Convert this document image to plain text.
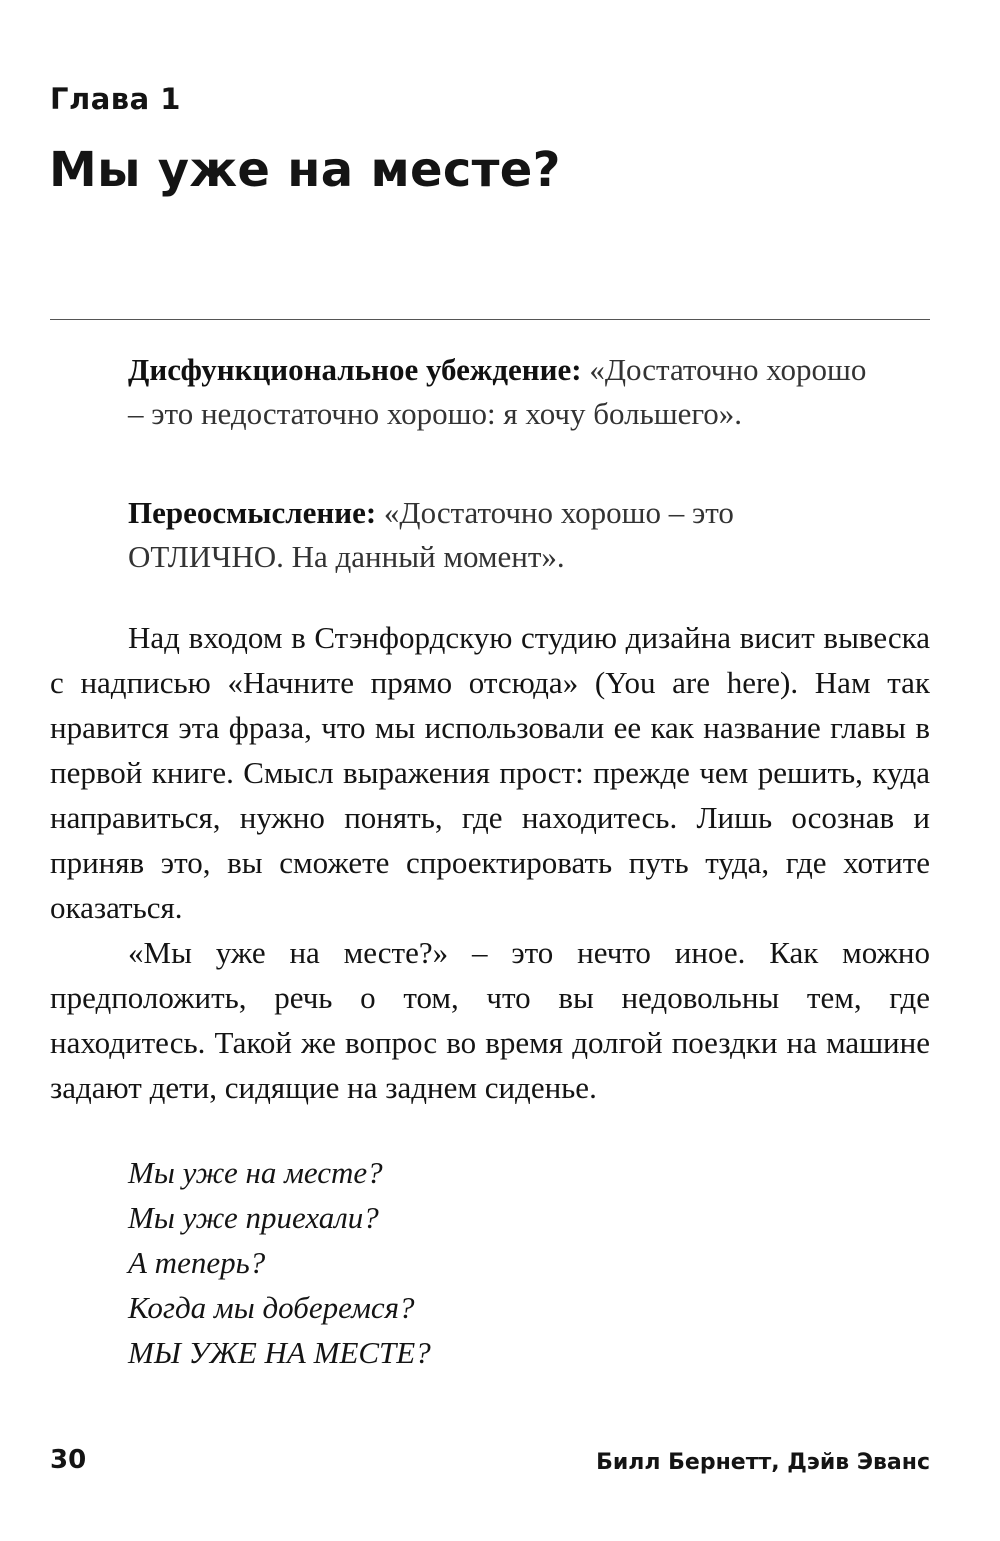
Глава 1
Мы уже на месте?
Дисфункциональное убеждение: «Достаточно хорошо – это недостаточно хорошо: я хочу большего».
Переосмысление: «Достаточно хорошо – это ОТЛИЧНО. На данный момент».

Над входом в Стэнфордскую студию дизайна висит вывеска с надписью «Начните прямо отсюда» (You are here). Нам так нравится эта фраза, что мы использовали ее как название главы в первой книге. Смысл выражения прост: прежде чем решить, куда направиться, нужно понять, где находитесь. Лишь осознав и приняв это, вы сможете спроектировать путь туда, где хотите оказаться.

«Мы уже на месте?» – это нечто иное. Как можно предположить, речь о том, что вы недовольны тем, где находитесь. Такой же вопрос во время долгой поездки на машине задают дети, сидящие на заднем сиденье.

Мы уже на месте?
Мы уже приехали?
А теперь?
Когда мы доберемся?
МЫ УЖЕ НА МЕСТЕ?
30	Билл Бернетт, Дэйв Эванс
